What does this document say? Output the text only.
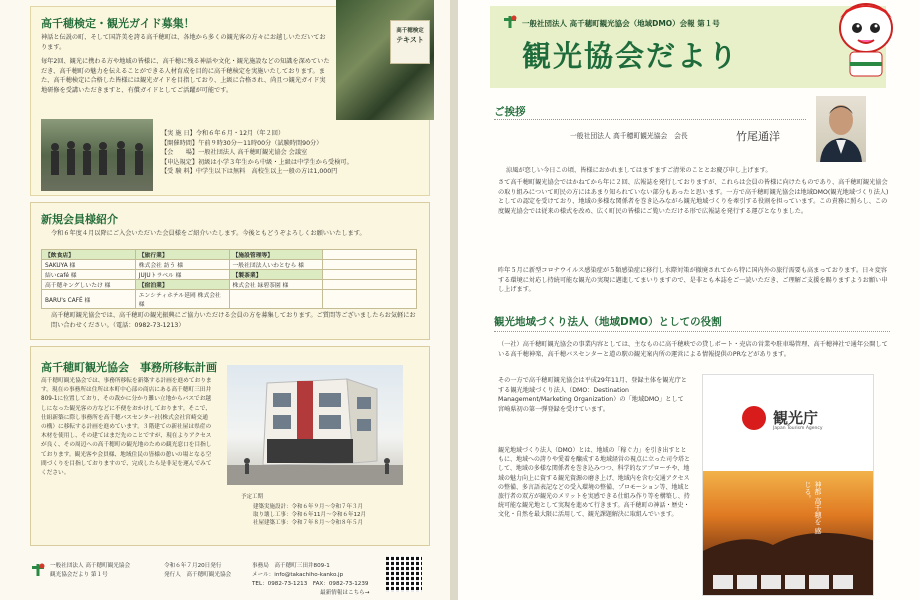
高千穂検定・観光ガイド募集！
神話と伝説の町、そして国許美を誇る高千穂町は、各地から多くの観光客の方々にお越しいただいております。
毎年2回、観光に携わる方や地域の皆様に、高千穂に残る神話や文化・観光施設などの知識を深めていただき、高千穂町の魅力を伝えることができる人材育成を目的に高千穂検定を実施いたしております。また、高千穂検定に合格した皆様には観光ガイドを目指しており、上級に合格され、尚且つ観光ガイド実地研修を受講いただきますと、有償ガイドとしてご活躍が可能です。
【実 施 日】令和６年６月・12月（年２回）
【開催時間】午前９時30分～11時00分（試験時間90分）
【会　　場】一般社団法人 高千穂町観光協会 会議室
【申込規定】初級は小学３年生から中級・上級は中学生から受検可。
【受 験 料】中学生以下は無料　高校生以上一般の方は1,000円
高千穂検定
テキスト
新規会員様紹介
令和６年度４月以降にご入会いただいた会員様をご紹介いたします。今後ともどうぞよろしくお願いいたします。
【飲食店】	【旅行業】	【施設管理等】	
SAKUYA 様	株式会社 訪う 様	一般社団法人いわとむら 様	
結いcafé 様	JUJUトラベル 様	【製茶業】	
高千穂キングしいたけ 様	【宿泊業】	株式会社 緑碧茶園 様	
BARU's CAFÉ 様	エンシティホテル延岡 株式会社 様		
高千穂町観光協会では、高千穂町の観光振興にご協力いただける会員の方を募集しております。ご質問等ございましたらお気軽にお問い合わせください。（電話：0982-73-1213）
高千穂町観光協会　事務所移転計画
高千穂町観光協会では、事務所移転を新築する計画を進めております。現在の事務所は住所は本町中心部の商店にある高千穂町三田井809-1に位置しており、その裁かに分かり難い立地からバスでお越しになった観光客の方などに不便をおかけしております。そこで、仕組新築に際し事務所を高千穂バスセンター社(株式会社宮崎交通の構）に移転する計画を進めています。３階建ての新社屋は県産の木材を使用し、その建てはまだ先のことですが、現在よりアクセスが良く、その周辺への高千穂町の観光地のための観光窓口を目指しております。観光客や会員様、地域住民の皆様の憩いの場となる空間づくりを目指しておりますので、完成したら是非足を運んでみてください。
予定工期
建築実施設計：令和６年９月～令和７年３月
取り壊し工事：令和６年11月～令和６年12月
社屋建築工事：令和７年８月～令和８年５月
一般社団法人 高千穂町観光協会
観光協会だより 第１号
令和６年７月20日発行
発行人　高千穂町観光協会
事務局　高千穂町三田井809-1
メール：info@takachiho-kanko.jp
TEL：0982-73-1213　FAX：0982-73-1239
最新情報はこちら→
一般社団法人 高千穂町観光協会（地域DMO）会報 第１号
観光協会だより
ご挨拶
一般社団法人 高千穂町観光協会　会長	竹尾通洋
涼風が恋しい今日この頃、皆様におかれましてはますますご清栄のこととお慶び申し上げます。
さて高千穂町観光協会ではかねてから年に２回、広報誌を発行しておりますが、これらは会員の皆様に向けたものであり、高千穂町観光協会の取り組みについて町民の方にはあまり知られていない部分もあったと思います。一方で高千穂町観光協会は地域DMO(観光地域づくり法人)としての認定を受けており、地域の多様な関係者を巻き込みながら観光地域づくりを牽引する役割を担っています。この責務に照らし、この度観光協会では従来の様式を改め、広く町民の皆様にご覧いただける形で広報誌を発行する運びとなりました。
昨年５月に新型コロナウイルス感染症が５類感染症に移行し水際対策が撤廃されてから特に国内外の旅行需要も高まっております。日々変容する環境に対応し持続可能な観光の実現に邁進してまいりますので、是非とも本誌をご一読いただき、ご理解ご支援を賜りますようお願い申し上げます。
観光地域づくり法人（地域DMO）としての役割
（一社）高千穂町観光協会の事業内容としては、主なものに高千穂峡での貸しボート・売店の営業や駐車場管理、高千穂神社で通年公開している高千穂神楽、高千穂バスセンターと道の駅の観光案内所の運営による情報提供のPRなどがあります。
その一方で高千穂町観光協会は平成29年11月、登録主体を観光庁とする観光地域づくり法人（DMO：Destination Management/Marketing Organization）の「地域DMO」として宮崎県初の第一弾登録を受けています。
観光地域づくり法人（DMO）とは、地域の「稼ぐ力」を引き出すとともに、地域への誇りや愛着を醸成する地域経営の視点に立った司令塔として、地域の多様な関係者を巻き込みつつ、科学的なアプローチや、地域の魅力向上に資する観光資源の磨き上げ、地域内を含む交通アクセスの整備、多言語表記などの受入環境の整備、プロモーション等、地域と旅行者の双方が観光のメリットを実感できる仕組み作り等を構築し、持続可能な観光地として実現を進めて行きます。高千穂町の神話・歴史・文化・自然を最大限に活用して、観光課題解決に取組んでいます。
観光庁
Japan Tourism Agency
神都 高千穂を 感じる。
